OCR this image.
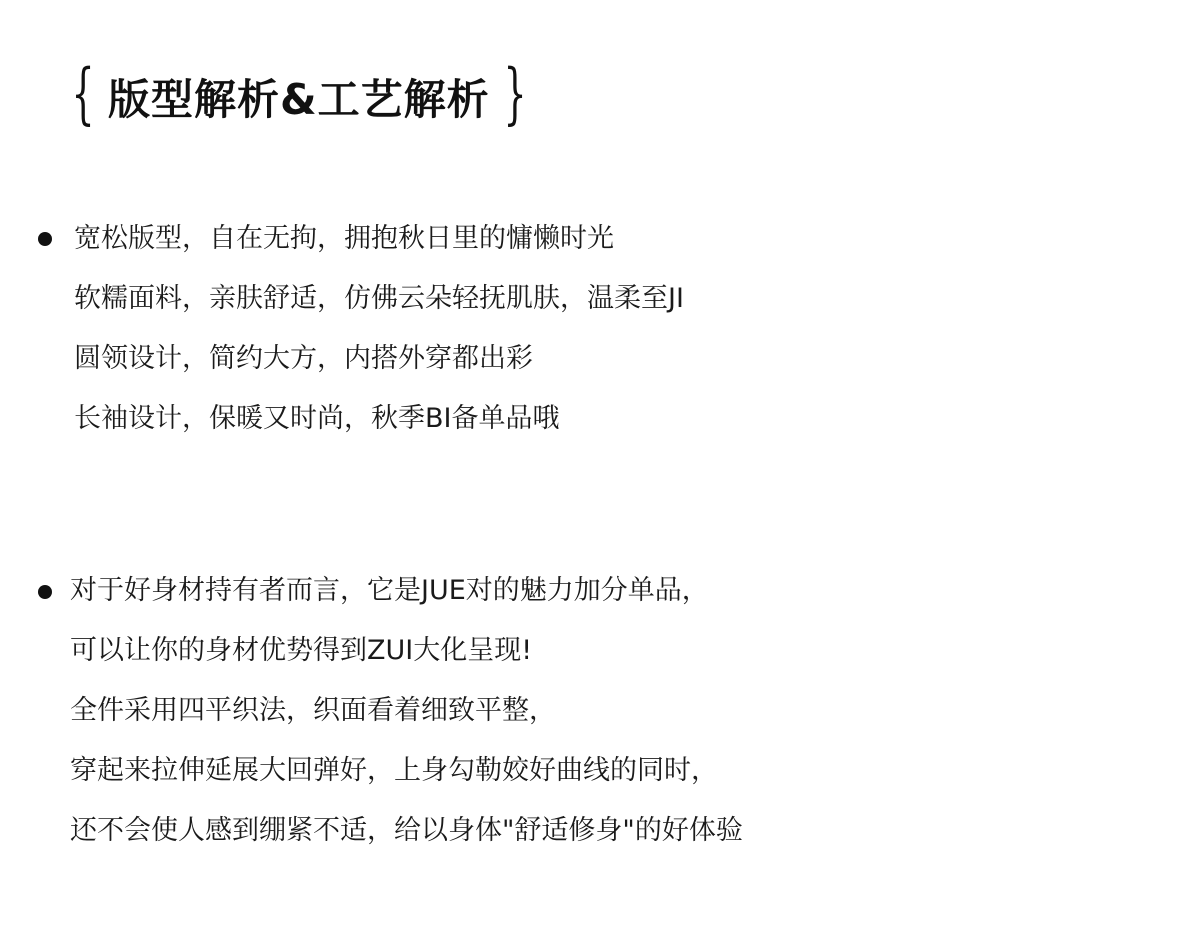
{ 版型解析&工艺解析 }
宽松版型，自在无拘，拥抱秋日里的慵懒时光
软糯面料，亲肤舒适，仿佛云朵轻抚肌肤，温柔至JI
圆领设计，简约大方，内搭外穿都出彩
长袖设计，保暖又时尚，秋季BI备单品哦
对于好身材持有者而言，它是JUE对的魅力加分单品，
可以让你的身材优势得到ZUI大化呈现!
全件采用四平织法，织面看着细致平整，
穿起来拉伸延展大回弹好，上身勾勒姣好曲线的同时，
还不会使人感到绷紧不适，给以身体"舒适修身"的好体验
